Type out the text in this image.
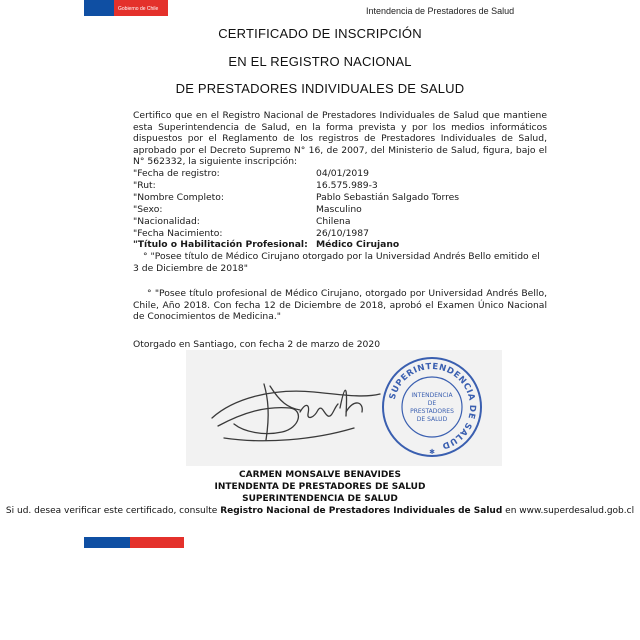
Gobierno de Chile	Intendencia de Prestadores de Salud
CERTIFICADO DE INSCRIPCIÓN
EN EL REGISTRO NACIONAL
DE PRESTADORES INDIVIDUALES DE SALUD
Certifico que en el Registro Nacional de Prestadores Individuales de Salud que mantiene esta Superintendencia de Salud, en la forma prevista y por los medios informáticos dispuestos por el Reglamento de los registros de Prestadores Individuales de Salud, aprobado por el Decreto Supremo N° 16, de 2007, del Ministerio de Salud, figura, bajo el N° 562332, la siguiente inscripción:
"Fecha de registro:	04/01/2019
"Rut:	16.575.989-3
"Nombre Completo:	Pablo Sebastián Salgado Torres
"Sexo:	Masculino
"Nacionalidad:	Chilena
"Fecha Nacimiento:	26/10/1987
"Título o Habilitación Profesional: Médico Cirujano
° "Posee título de Médico Cirujano otorgado por la Universidad Andrés Bello emitido el 3 de Diciembre de 2018"
° "Posee título profesional de Médico Cirujano, otorgado por Universidad Andrés Bello, Chile, Año 2018. Con fecha 12 de Diciembre de 2018, aprobó el Examen Único Nacional de Conocimientos de Medicina."
Otorgado en Santiago, con fecha 2 de marzo de 2020
SUPERINTENDENCIA DE SALUD
INTENDENCIA
DE
PRESTADORES
DE SALUD
✱
CARMEN MONSALVE BENAVIDES
INTENDENTA DE PRESTADORES DE SALUD
SUPERINTENDENCIA DE SALUD
Si ud. desea verificar este certificado, consulte Registro Nacional de Prestadores Individuales de Salud en www.superdesalud.gob.cl
